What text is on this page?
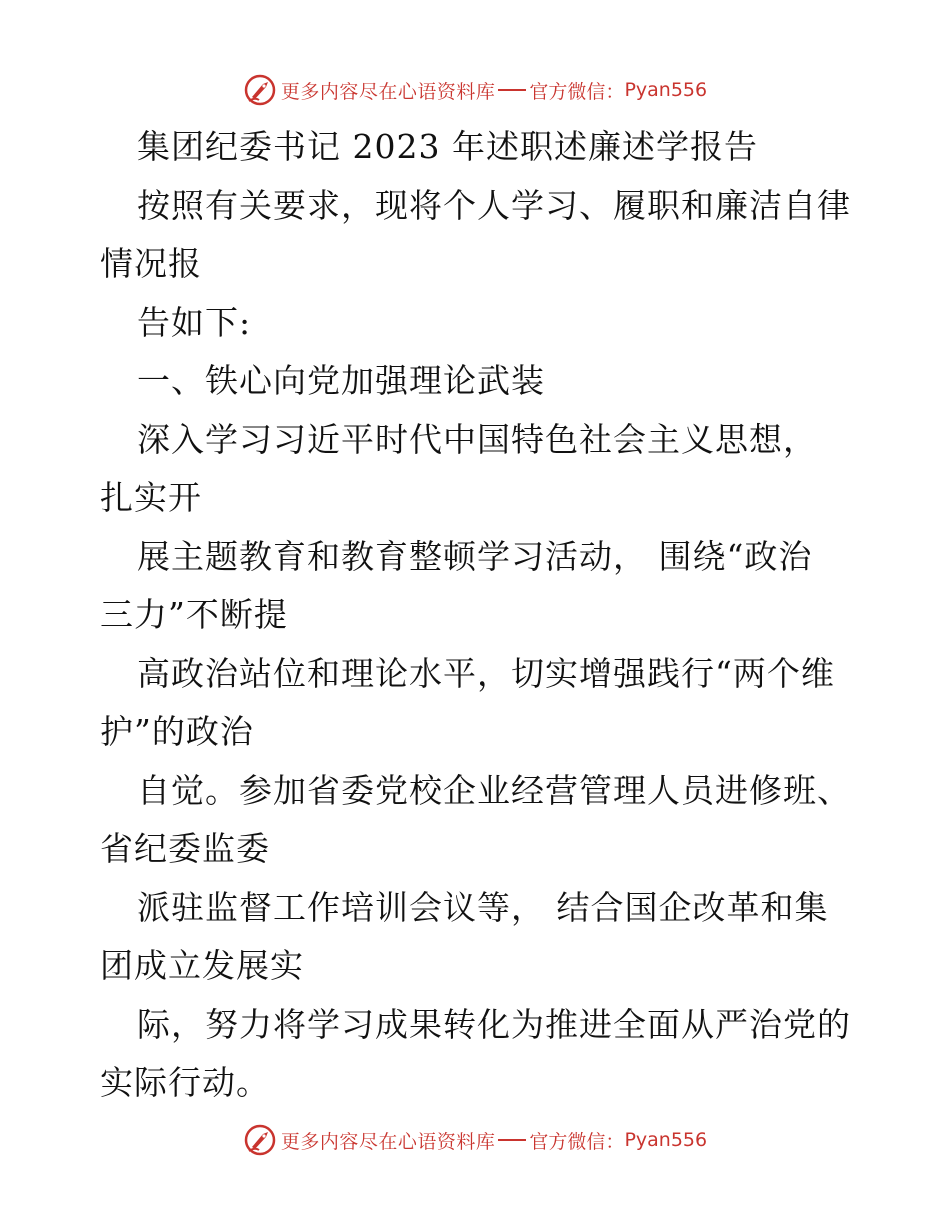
更多内容尽在心语资料库 官方微信： Pyan556
集团纪委书记 2023 年述职述廉述学报告
按照有关要求，现将个人学习、履职和廉洁自律
情况报
告如下:
一、铁心向党加强理论武装
深入学习习近平时代中国特色社会主义思想，
扎实开
展主题教育和教育整顿学习活动， 围绕“政治
三力”不断提
高政治站位和理论水平，切实增强践行“两个维
护”的政治
自觉。参加省委党校企业经营管理人员进修班、
省纪委监委
派驻监督工作培训会议等， 结合国企改革和集
团成立发展实
际，努力将学习成果转化为推进全面从严治党的
实际行动。
更多内容尽在心语资料库 官方微信： Pyan556
